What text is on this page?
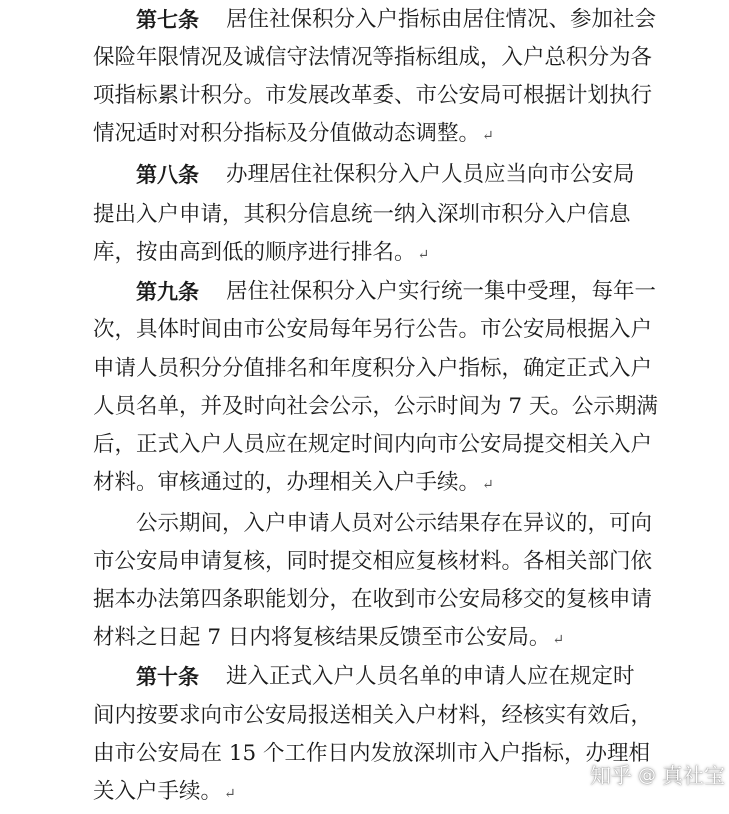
第七条 居住社保积分入户指标由居住情况、参加社会
保险年限情况及诚信守法情况等指标组成，入户总积分为各
项指标累计积分。市发展改革委、市公安局可根据计划执行
情况适时对积分指标及分值做动态调整。 ↵
第八条 办理居住社保积分入户人员应当向市公安局
提出入户申请，其积分信息统一纳入深圳市积分入户信息
库，按由高到低的顺序进行排名。 ↵
第九条 居住社保积分入户实行统一集中受理，每年一
次，具体时间由市公安局每年另行公告。市公安局根据入户
申请人员积分分值排名和年度积分入户指标，确定正式入户
人员名单，并及时向社会公示，公示时间为 7 天。公示期满
后，正式入户人员应在规定时间内向市公安局提交相关入户
材料。审核通过的，办理相关入户手续。 ↵
公示期间，入户申请人员对公示结果存在异议的，可向
市公安局申请复核，同时提交相应复核材料。各相关部门依
据本办法第四条职能划分，在收到市公安局移交的复核申请
材料之日起 7 日内将复核结果反馈至市公安局。 ↵
第十条 进入正式入户人员名单的申请人应在规定时
间内按要求向市公安局报送相关入户材料，经核实有效后，
由市公安局在 15 个工作日内发放深圳市入户指标，办理相
关入户手续。 ↵
知乎 @ 真社宝
